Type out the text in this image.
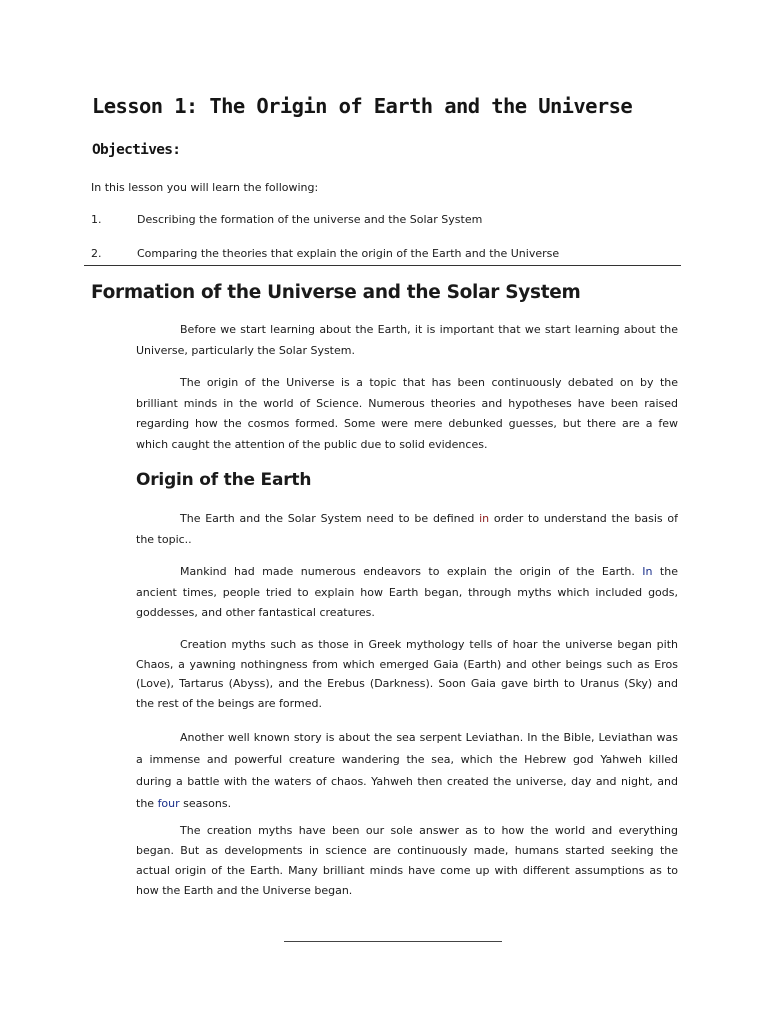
Lesson 1: The Origin of Earth and the Universe
Objectives:

In this lesson you will learn the following:

1.	Describing the formation of the universe and the Solar System
2.	Comparing the theories that explain the origin of the Earth and the Universe
Formation of the Universe and the Solar System
Before we start learning about the Earth, it is important that we start learning about the
Universe, particularly the Solar System.
The origin of the Universe is a topic that has been continuously debated on by the
brilliant minds in the world of Science. Numerous theories and hypotheses have been raised
regarding how the cosmos formed. Some were mere debunked guesses, but there are a few
which caught the attention of the public due to solid evidences.
Origin of the Earth
The Earth and the Solar System need to be defined in order to understand the basis of
the topic..
Mankind had made numerous endeavors to explain the origin of the Earth. In the
ancient times, people tried to explain how Earth began, through myths which included gods,
goddesses, and other fantastical creatures.
Creation myths such as those in Greek mythology tells of hoar the universe began pith
Chaos, a yawning nothingness from which emerged Gaia (Earth) and other beings such as Eros
(Love), Tartarus (Abyss), and the Erebus (Darkness). Soon Gaia gave birth to Uranus (Sky) and
the rest of the beings are formed.
Another well known story is about the sea serpent Leviathan. In the Bible, Leviathan was
a immense and powerful creature wandering the sea, which the Hebrew god Yahweh killed
during a battle with the waters of chaos. Yahweh then created the universe, day and night, and
the four seasons.
The creation myths have been our sole answer as to how the world and everything
began. But as developments in science are continuously made, humans started seeking the
actual origin of the Earth. Many brilliant minds have come up with different assumptions as to
how the Earth and the Universe began.
